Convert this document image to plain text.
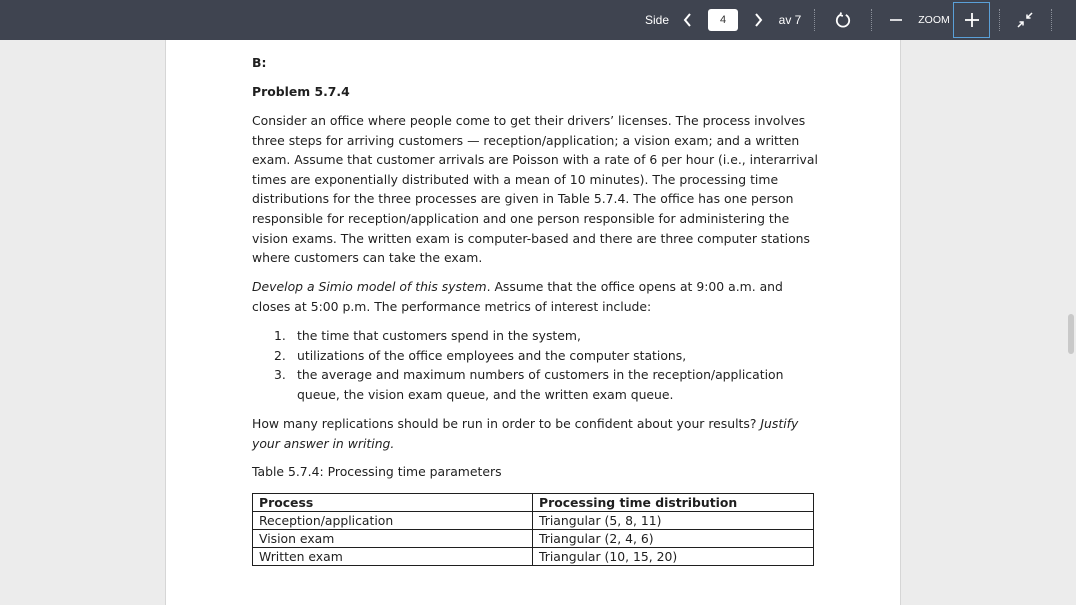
Side
4	av 7	ZOOM
B:
Problem 5.7.4

Consider an office where people come to get their drivers’ licenses. The process involves three steps for arriving customers — reception/application; a vision exam; and a written exam. Assume that customer arrivals are Poisson with a rate of 6 per hour (i.e., interarrival times are exponentially distributed with a mean of 10 minutes). The processing time distributions for the three processes are given in Table 5.7.4. The office has one person responsible for reception/application and one person responsible for administering the vision exams. The written exam is computer-based and there are three computer stations where customers can take the exam.

Develop a Simio model of this system. Assume that the office opens at 9:00 a.m. and closes at 5:00 p.m. The performance metrics of interest include:

1. the time that customers spend in the system,
2. utilizations of the office employees and the computer stations,
3. the average and maximum numbers of customers in the reception/application queue, the vision exam queue, and the written exam queue.

How many replications should be run in order to be confident about your results? Justify your answer in writing.

Table 5.7.4: Processing time parameters
Process	Processing time distribution
Reception/application	Triangular (5, 8, 11)
Vision exam	Triangular (2, 4, 6)
Written exam	Triangular (10, 15, 20)
